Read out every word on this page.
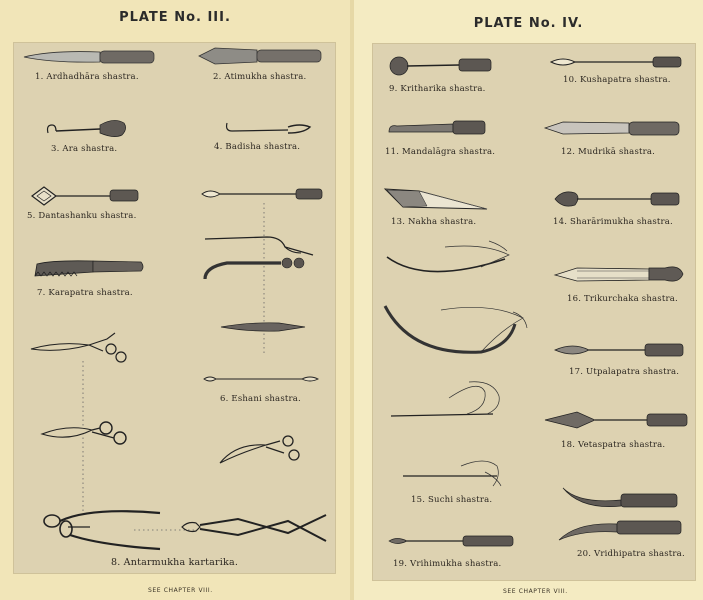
PLATE No. III.
1. Ardhadhāra shastra.	2. Atimukha shastra.
3. Ara shastra.	4. Badisha shastra.
5. Dantashanku shastra.
7. Karapatra shastra.
6. Eshani shastra.
8. Antarmukha kartarika.
SEE CHAPTER VIII.
PLATE No. IV.
9. Kritharika shastra.
10. Kushapatra shastra.
11. Mandalāgra shastra.	12. Mudrikā shastra.
13. Nakha shastra.	14. Sharārimukha shastra.
16. Trikurchaka shastra.
17. Utpalapatra shastra.
18. Vetaspatra shastra.
15. Suchi shastra.
20. Vridhipatra shastra.
19. Vrihimukha shastra.
SEE CHAPTER VIII.
